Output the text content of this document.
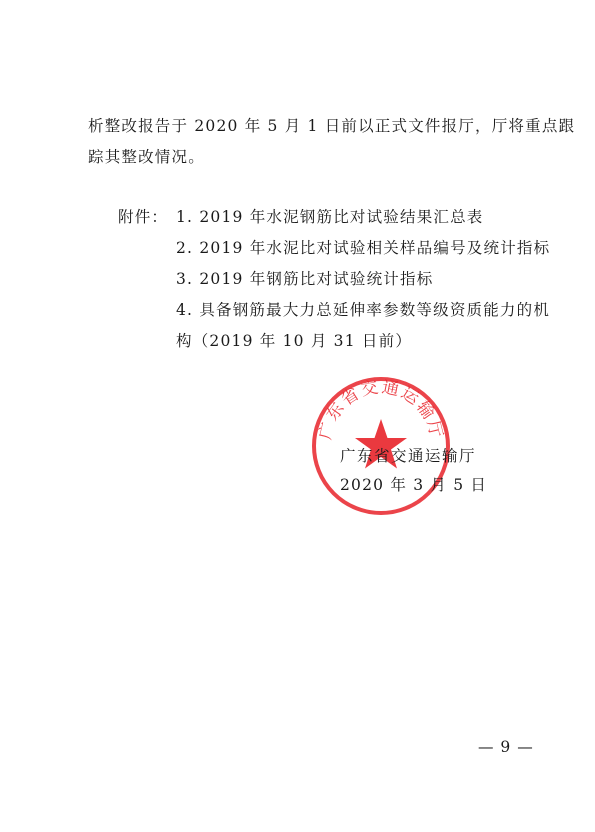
析整改报告于 2020 年 5 月 1 日前以正式文件报厅，厅将重点跟
踪其整改情况。
附件： 1. 2019 年水泥钢筋比对试验结果汇总表
2. 2019 年水泥比对试验相关样品编号及统计指标
3. 2019 年钢筋比对试验统计指标
4. 具备钢筋最大力总延伸率参数等级资质能力的机
构（2019 年 10 月 31 日前）
广东省交通运输厅
广东省交通运输厅
2020 年 3 月 5 日
— 9 —
